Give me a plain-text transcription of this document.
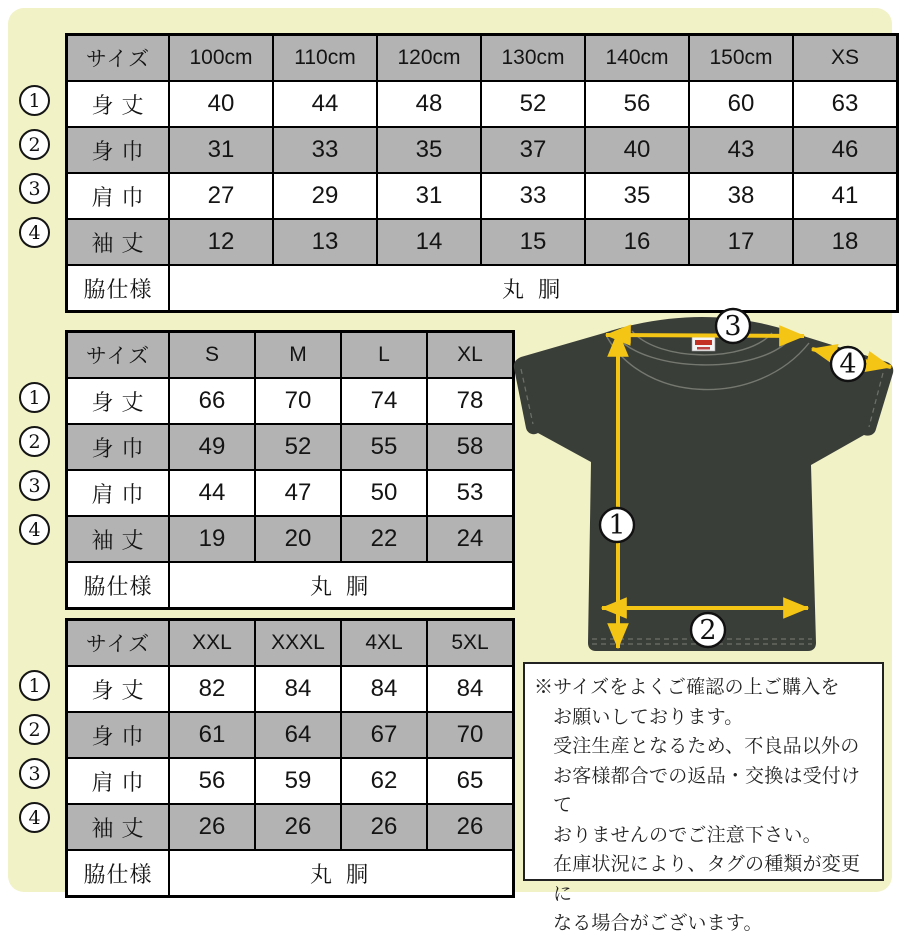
サイズ	100cm	110cm	120cm	130cm	140cm	150cm	XS
身 丈	40	44	48	52	56	60	63
身 巾	31	33	35	37	40	43	46
肩 巾	27	29	31	33	35	38	41
袖 丈	12	13	14	15	16	17	18
脇仕様	丸 胴						
サイズ	S	M	L	XL
身 丈	66	70	74	78
身 巾	49	52	55	58
肩 巾	44	47	50	53
袖 丈	19	20	22	24
脇仕様	丸 胴			
サイズ	XXL	XXXL	4XL	5XL
身 丈	82	84	84	84
身 巾	61	64	67	70
肩 巾	56	59	62	65
袖 丈	26	26	26	26
脇仕様	丸 胴			
1
2
3
4
1
2
3
4
1
2
3
4
1
2
3
4

※サイズをよくご確認の上ご購入を

お願いしております。

受注生産となるため、不良品以外の

お客様都合での返品・交換は受付けて

おりませんのでご注意下さい。

在庫状況により、タグの種類が変更に

なる場合がございます。
